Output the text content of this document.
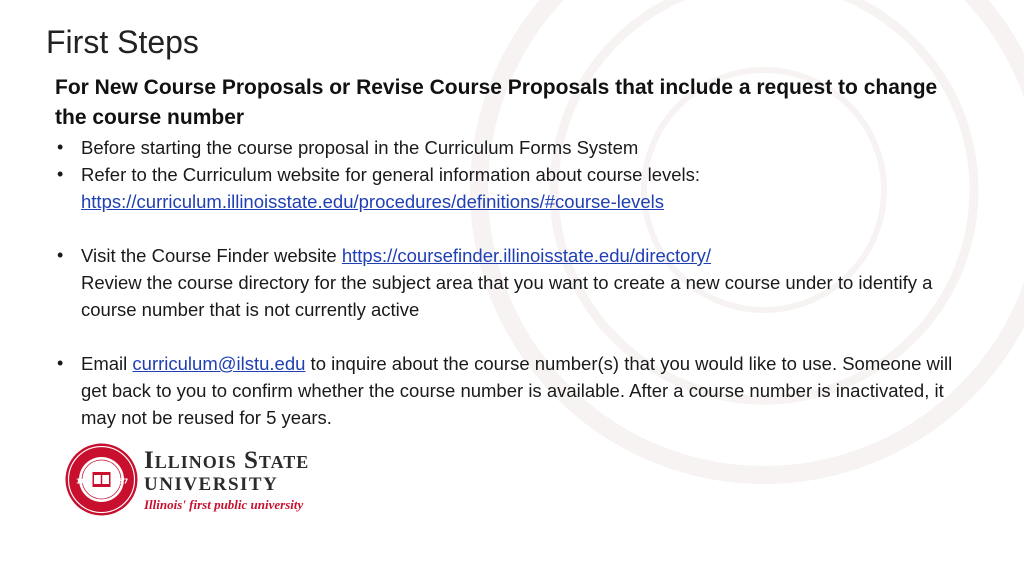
First Steps
For New Course Proposals or Revise Course Proposals that include a request to change the course number
• Before starting the course proposal in the Curriculum Forms System
• Refer to the Curriculum website for general information about course levels:
https://curriculum.illinoisstate.edu/procedures/definitions/#course-levels
• Visit the Course Finder website https://coursefinder.illinoisstate.edu/directory/
Review the course directory for the subject area that you want to create a new course under to identify a course number that is not currently active
• Email curriculum@ilstu.edu to inquire about the course number(s) that you would like to use. Someone will get back to you to confirm whether the course number is available. After a course number is inactivated, it may not be reused for 5 years.
18	57
Illinois State
UNIVERSITY
Illinois' first public university
